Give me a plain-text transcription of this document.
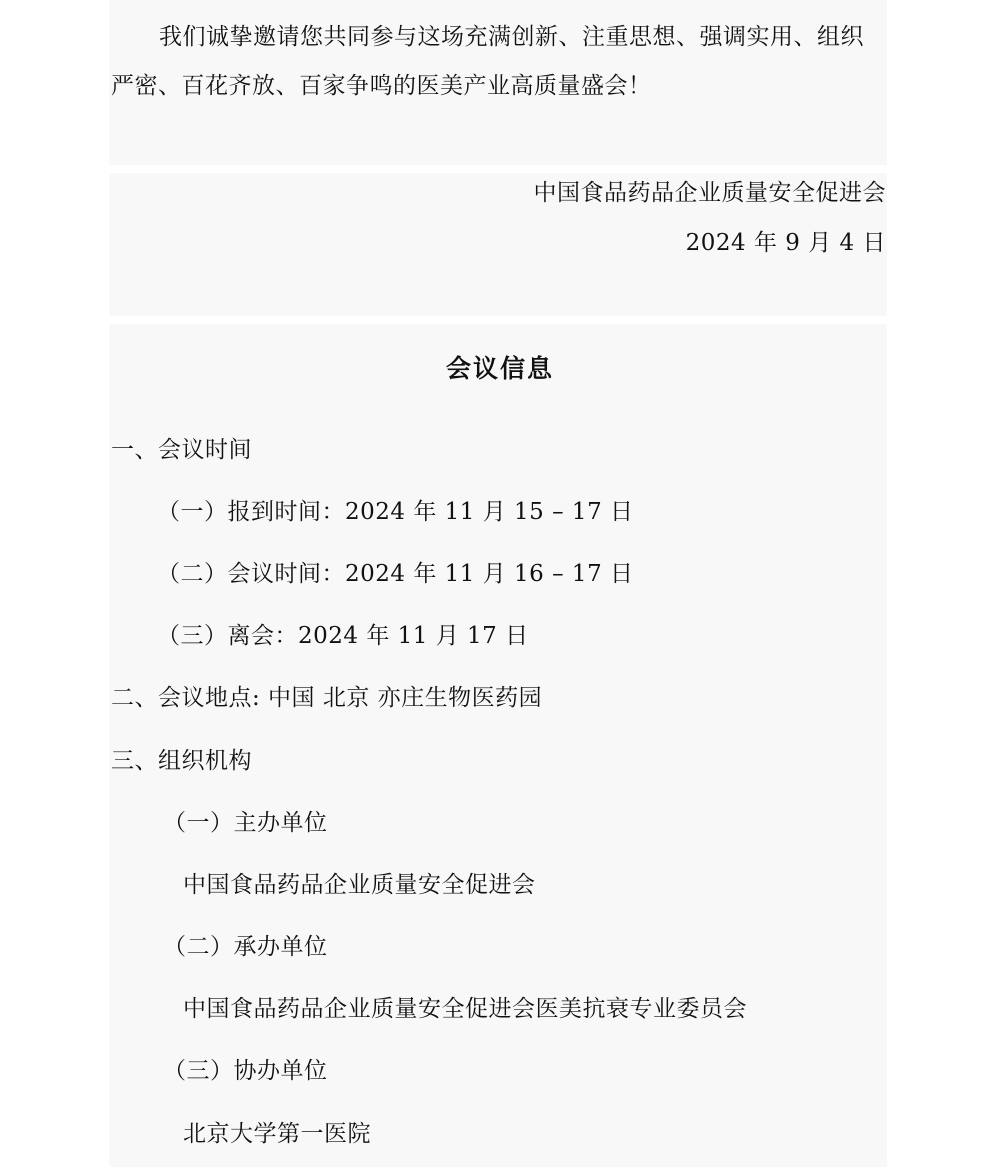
我们诚挚邀请您共同参与这场充满创新、注重思想、强调实用、组织
严密、百花齐放、百家争鸣的医美产业高质量盛会！
中国食品药品企业质量安全促进会
2024 年 9 月 4 日
会议信息
一、会议时间
（一）报到时间：2024 年 11 月 15 – 17 日
（二）会议时间：2024 年 11 月 16 – 17 日
（三）离会：2024 年 11 月 17 日
二、会议地点: 中国 北京 亦庄生物医药园
三、组织机构
（一）主办单位
中国食品药品企业质量安全促进会
（二）承办单位
中国食品药品企业质量安全促进会医美抗衰专业委员会
（三）协办单位
北京大学第一医院
